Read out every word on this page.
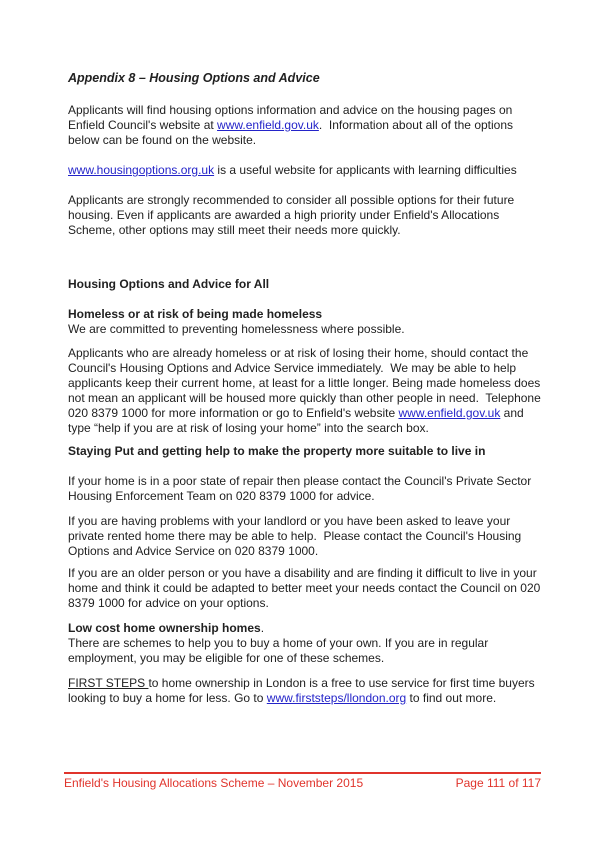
Appendix 8 – Housing Options and Advice

Applicants will find housing options information and advice on the housing pages on Enfield Council's website at www.enfield.gov.uk.  Information about all of the options below can be found on the website.

www.housingoptions.org.uk is a useful website for applicants with learning difficulties

Applicants are strongly recommended to consider all possible options for their future housing. Even if applicants are awarded a high priority under Enfield's Allocations Scheme, other options may still meet their needs more quickly.

Housing Options and Advice for All

Homeless or at risk of being made homeless

We are committed to preventing homelessness where possible.

Applicants who are already homeless or at risk of losing their home, should contact the Council's Housing Options and Advice Service immediately.  We may be able to help applicants keep their current home, at least for a little longer. Being made homeless does not mean an applicant will be housed more quickly than other people in need.  Telephone 020 8379 1000 for more information or go to Enfield's website www.enfield.gov.uk and type “help if you are at risk of losing your home” into the search box.

Staying Put and getting help to make the property more suitable to live in

If your home is in a poor state of repair then please contact the Council's Private Sector Housing Enforcement Team on 020 8379 1000 for advice.

If you are having problems with your landlord or you have been asked to leave your private rented home there may be able to help.  Please contact the Council's Housing Options and Advice Service on 020 8379 1000.

If you are an older person or you have a disability and are finding it difficult to live in your home and think it could be adapted to better meet your needs contact the Council on 020 8379 1000 for advice on your options.

Low cost home ownership homes.

There are schemes to help you to buy a home of your own. If you are in regular employment, you may be eligible for one of these schemes.

FIRST STEPS to home ownership in London is a free to use service for first time buyers looking to buy a home for less. Go to www.firststeps/llondon.org to find out more.

Enfield's Housing Allocations Scheme – November 2015	Page 111 of 117
